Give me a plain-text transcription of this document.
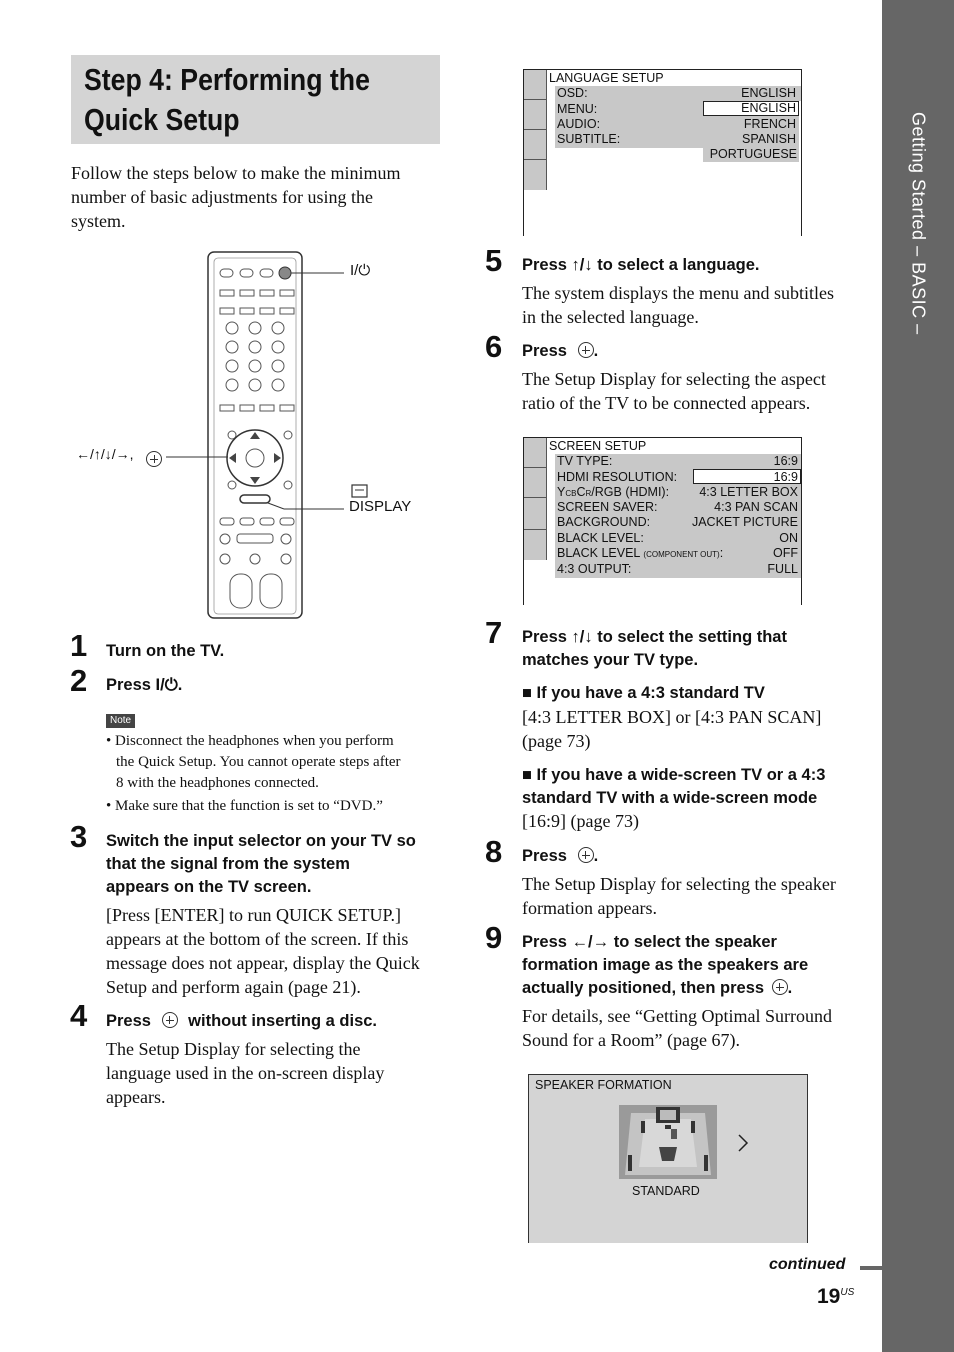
Getting Started – BASIC –
Step 4: Performing the
Quick Setup
Follow the steps below to make the minimum
number of basic adjustments for using the
system.
I/⏻
←/↑/↓/→,
DISPLAY
1 Turn on the TV.
2 Press I/⏻.
Note
• Disconnect the headphones when you perform
the Quick Setup. You cannot operate steps after
8 with the headphones connected.
• Make sure that the function is set to “DVD.”
3 Switch the input selector on your TV so
that the signal from the system
appears on the TV screen.
[Press [ENTER] to run QUICK SETUP.]
appears at the bottom of the screen. If this
message does not appear, display the Quick
Setup and perform again (page 21).
4 Press without inserting a disc.
The Setup Display for selecting the
language used in the on-screen display
appears.
LANGUAGE SETUP
OSD:
MENU:
AUDIO:
SUBTITLE:
ENGLISH
ENGLISH
FRENCH
SPANISH
PORTUGUESE
5 Press ↑/↓ to select a language.
The system displays the menu and subtitles
in the selected language.
6 Press .
The Setup Display for selecting the aspect
ratio of the TV to be connected appears.
SCREEN SETUP
TV TYPE:
HDMI RESOLUTION:
YCBCR/RGB (HDMI):
SCREEN SAVER:
BACKGROUND:
BLACK LEVEL:
BLACK LEVEL (COMPONENT OUT):
4:3 OUTPUT:
16:9
16:9
4:3 LETTER BOX
4:3 PAN SCAN
JACKET PICTURE
ON
OFF
FULL
7 Press ↑/↓ to select the setting that
matches your TV type.
■ If you have a 4:3 standard TV
[4:3 LETTER BOX] or [4:3 PAN SCAN]
(page 73)
■ If you have a wide-screen TV or a 4:3
standard TV with a wide-screen mode
[16:9] (page 73)
8 Press .
The Setup Display for selecting the speaker
formation appears.
9 Press ←/→ to select the speaker
formation image as the speakers are
actually positioned, then press .
For details, see “Getting Optimal Surround
Sound for a Room” (page 67).
SPEAKER FORMATION
STANDARD
continued
$19^{US}$
